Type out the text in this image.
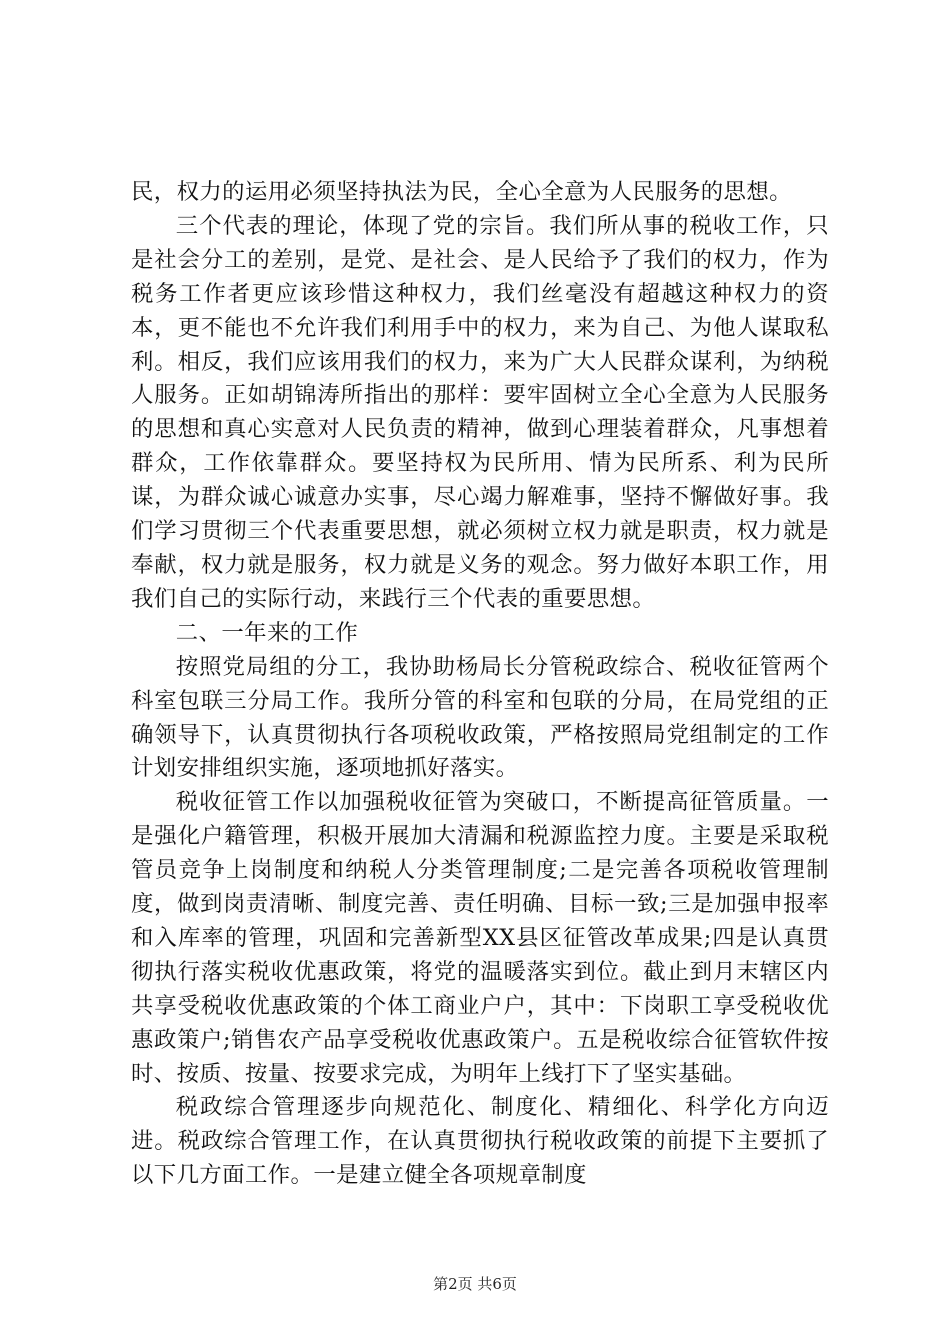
民，权力的运用必须坚持执法为民，全心全意为人民服务的思想。

三个代表的理论，体现了党的宗旨。我们所从事的税收工作，只是社会分工的差别，是党、是社会、是人民给予了我们的权力，作为税务工作者更应该珍惜这种权力，我们丝毫没有超越这种权力的资本，更不能也不允许我们利用手中的权力，来为自己、为他人谋取私利。相反，我们应该用我们的权力，来为广大人民群众谋利，为纳税人服务。正如胡锦涛所指出的那样：要牢固树立全心全意为人民服务的思想和真心实意对人民负责的精神，做到心理装着群众，凡事想着群众，工作依靠群众。要坚持权为民所用、情为民所系、利为民所谋，为群众诚心诚意办实事，尽心竭力解难事，坚持不懈做好事。我们学习贯彻三个代表重要思想，就必须树立权力就是职责，权力就是奉献，权力就是服务，权力就是义务的观念。努力做好本职工作，用我们自己的实际行动，来践行三个代表的重要思想。

二、一年来的工作

按照党局组的分工，我协助杨局长分管税政综合、税收征管两个科室包联三分局工作。我所分管的科室和包联的分局，在局党组的正确领导下，认真贯彻执行各项税收政策，严格按照局党组制定的工作计划安排组织实施，逐项地抓好落实。

税收征管工作以加强税收征管为突破口，不断提高征管质量。一是强化户籍管理，积极开展加大清漏和税源监控力度。主要是采取税管员竞争上岗制度和纳税人分类管理制度;二是完善各项税收管理制度，做到岗责清晰、制度完善、责任明确、目标一致;三是加强申报率和入库率的管理，巩固和完善新型XX县区征管改革成果;四是认真贯彻执行落实税收优惠政策，将党的温暖落实到位。截止到月末辖区内共享受税收优惠政策的个体工商业户户，其中：下岗职工享受税收优惠政策户;销售农产品享受税收优惠政策户。五是税收综合征管软件按时、按质、按量、按要求完成，为明年上线打下了坚实基础。

税政综合管理逐步向规范化、制度化、精细化、科学化方向迈进。税政综合管理工作，在认真贯彻执行税收政策的前提下主要抓了以下几方面工作。一是建立健全各项规章制度

第2页 共6页
